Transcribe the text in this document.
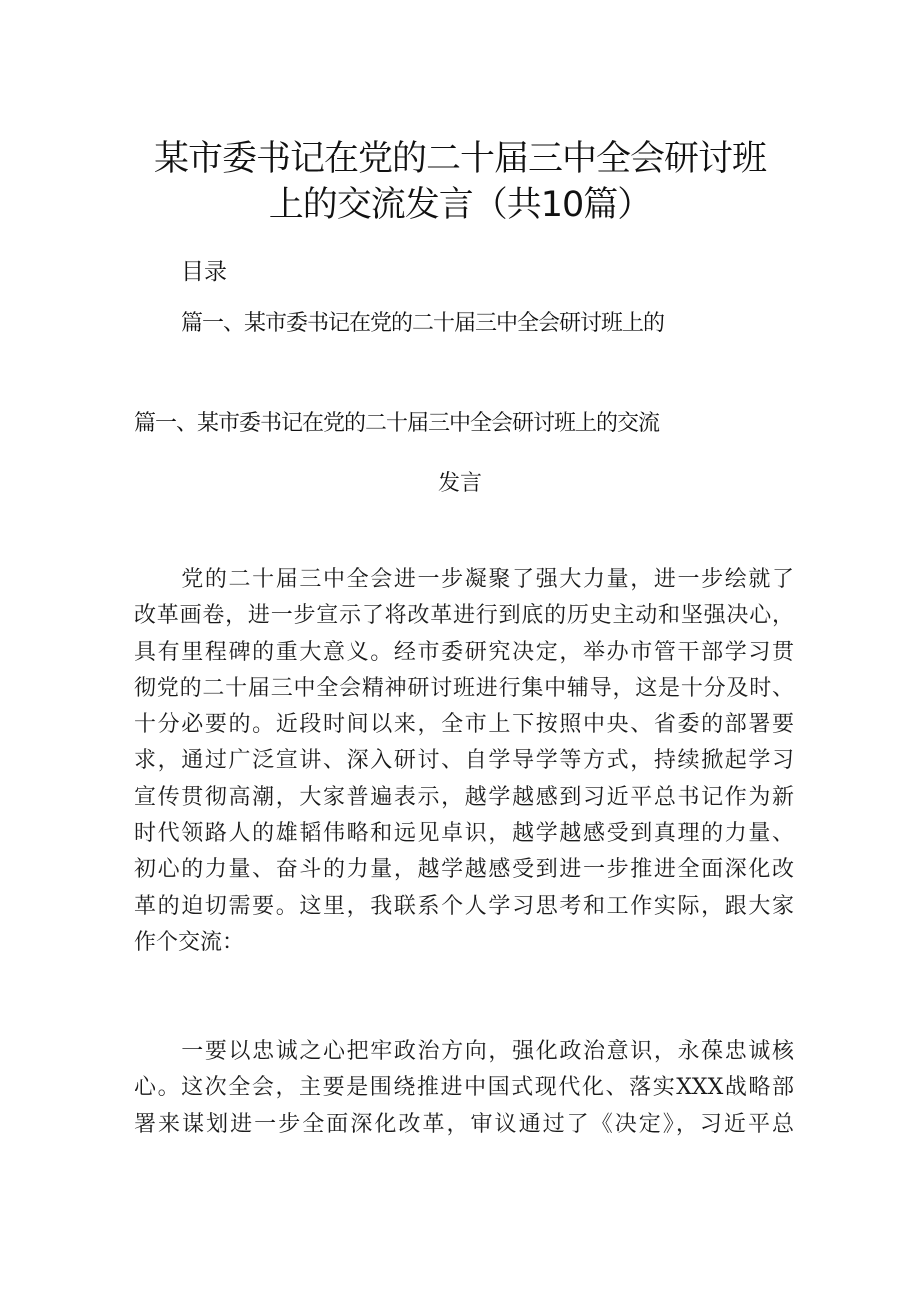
某市委书记在党的二十届三中全会研讨班
上的交流发言（共10篇）
目录
篇一、某市委书记在党的二十届三中全会研讨班上的
篇一、某市委书记在党的二十届三中全会研讨班上的交流
发言
　　党的二十届三中全会进一步凝聚了强大力量，进一步绘就了
改革画卷，进一步宣示了将改革进行到底的历史主动和坚强决心，
具有里程碑的重大意义。经市委研究决定，举办市管干部学习贯
彻党的二十届三中全会精神研讨班进行集中辅导，这是十分及时、
十分必要的。近段时间以来，全市上下按照中央、省委的部署要
求，通过广泛宣讲、深入研讨、自学导学等方式，持续掀起学习
宣传贯彻高潮，大家普遍表示，越学越感到习近平总书记作为新
时代领路人的雄韬伟略和远见卓识，越学越感受到真理的力量、
初心的力量、奋斗的力量，越学越感受到进一步推进全面深化改
革的迫切需要。这里，我联系个人学习思考和工作实际，跟大家
作个交流：
　　一要以忠诚之心把牢政治方向，强化政治意识，永葆忠诚核
心。这次全会，主要是围绕推进中国式现代化、落实XXX战略部
署来谋划进一步全面深化改革，审议通过了《决定》，习近平总
